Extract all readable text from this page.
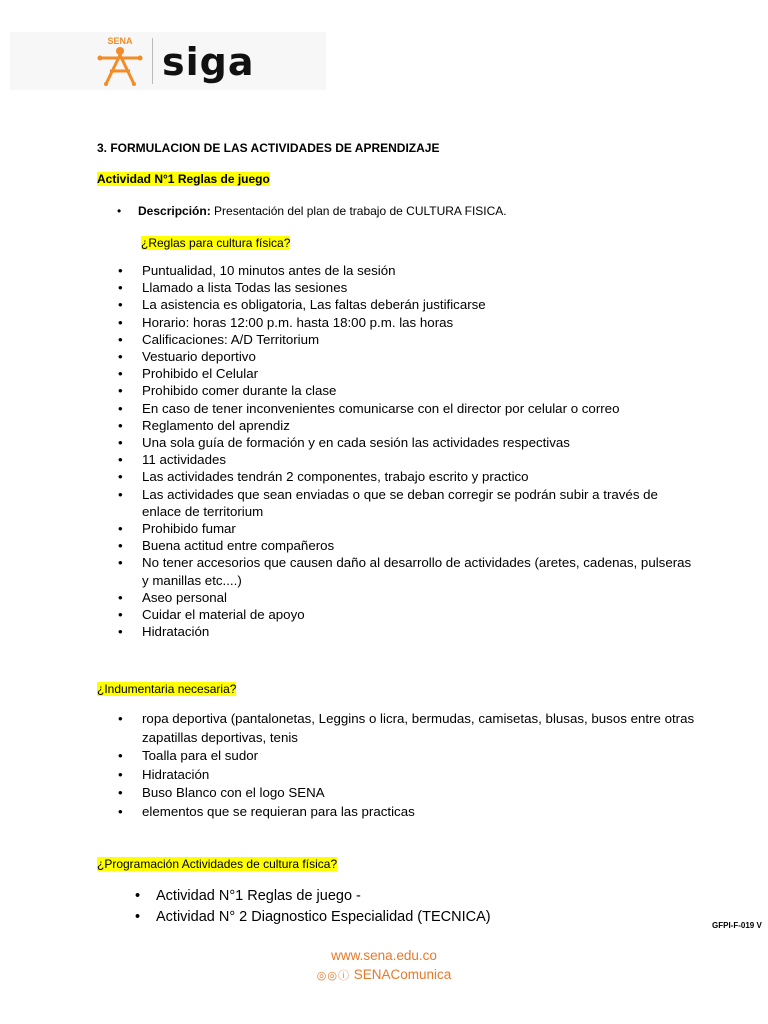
SENA siga
3. FORMULACION DE LAS ACTIVIDADES DE APRENDIZAJE
Actividad N°1 Reglas de juego
• Descripción: Presentación del plan de trabajo de CULTURA FISICA.
¿Reglas para cultura física?
• Puntualidad, 10 minutos antes de la sesión
• Llamado a lista Todas las sesiones
• La asistencia es obligatoria, Las faltas deberán justificarse
• Horario: horas 12:00 p.m. hasta 18:00 p.m. las horas
• Calificaciones: A/D Territorium
• Vestuario deportivo
• Prohibido el Celular
• Prohibido comer durante la clase
• En caso de tener inconvenientes comunicarse con el director por celular o correo
• Reglamento del aprendiz
• Una sola guía de formación y en cada sesión las actividades respectivas
• 11 actividades
• Las actividades tendrán 2 componentes, trabajo escrito y practico
• Las actividades que sean enviadas o que se deban corregir se podrán subir a través de enlace de territorium
• Prohibido fumar
• Buena actitud entre compañeros
• No tener accesorios que causen daño al desarrollo de actividades (aretes, cadenas, pulseras y manillas etc....)
• Aseo personal
• Cuidar el material de apoyo
• Hidratación
¿Indumentaria necesaria?
• ropa deportiva (pantalonetas, Leggins o licra, bermudas, camisetas, blusas, busos entre otras zapatillas deportivas, tenis
• Toalla para el sudor
• Hidratación
• Buso Blanco con el logo SENA
• elementos que se requieran para las practicas
¿Programación Actividades de cultura física?
• Actividad N°1 Reglas de juego -
• Actividad N° 2 Diagnostico Especialidad (TECNICA)
GFPI-F-019 V
www.sena.edu.co
◎◎ⓘ SENAComunica
